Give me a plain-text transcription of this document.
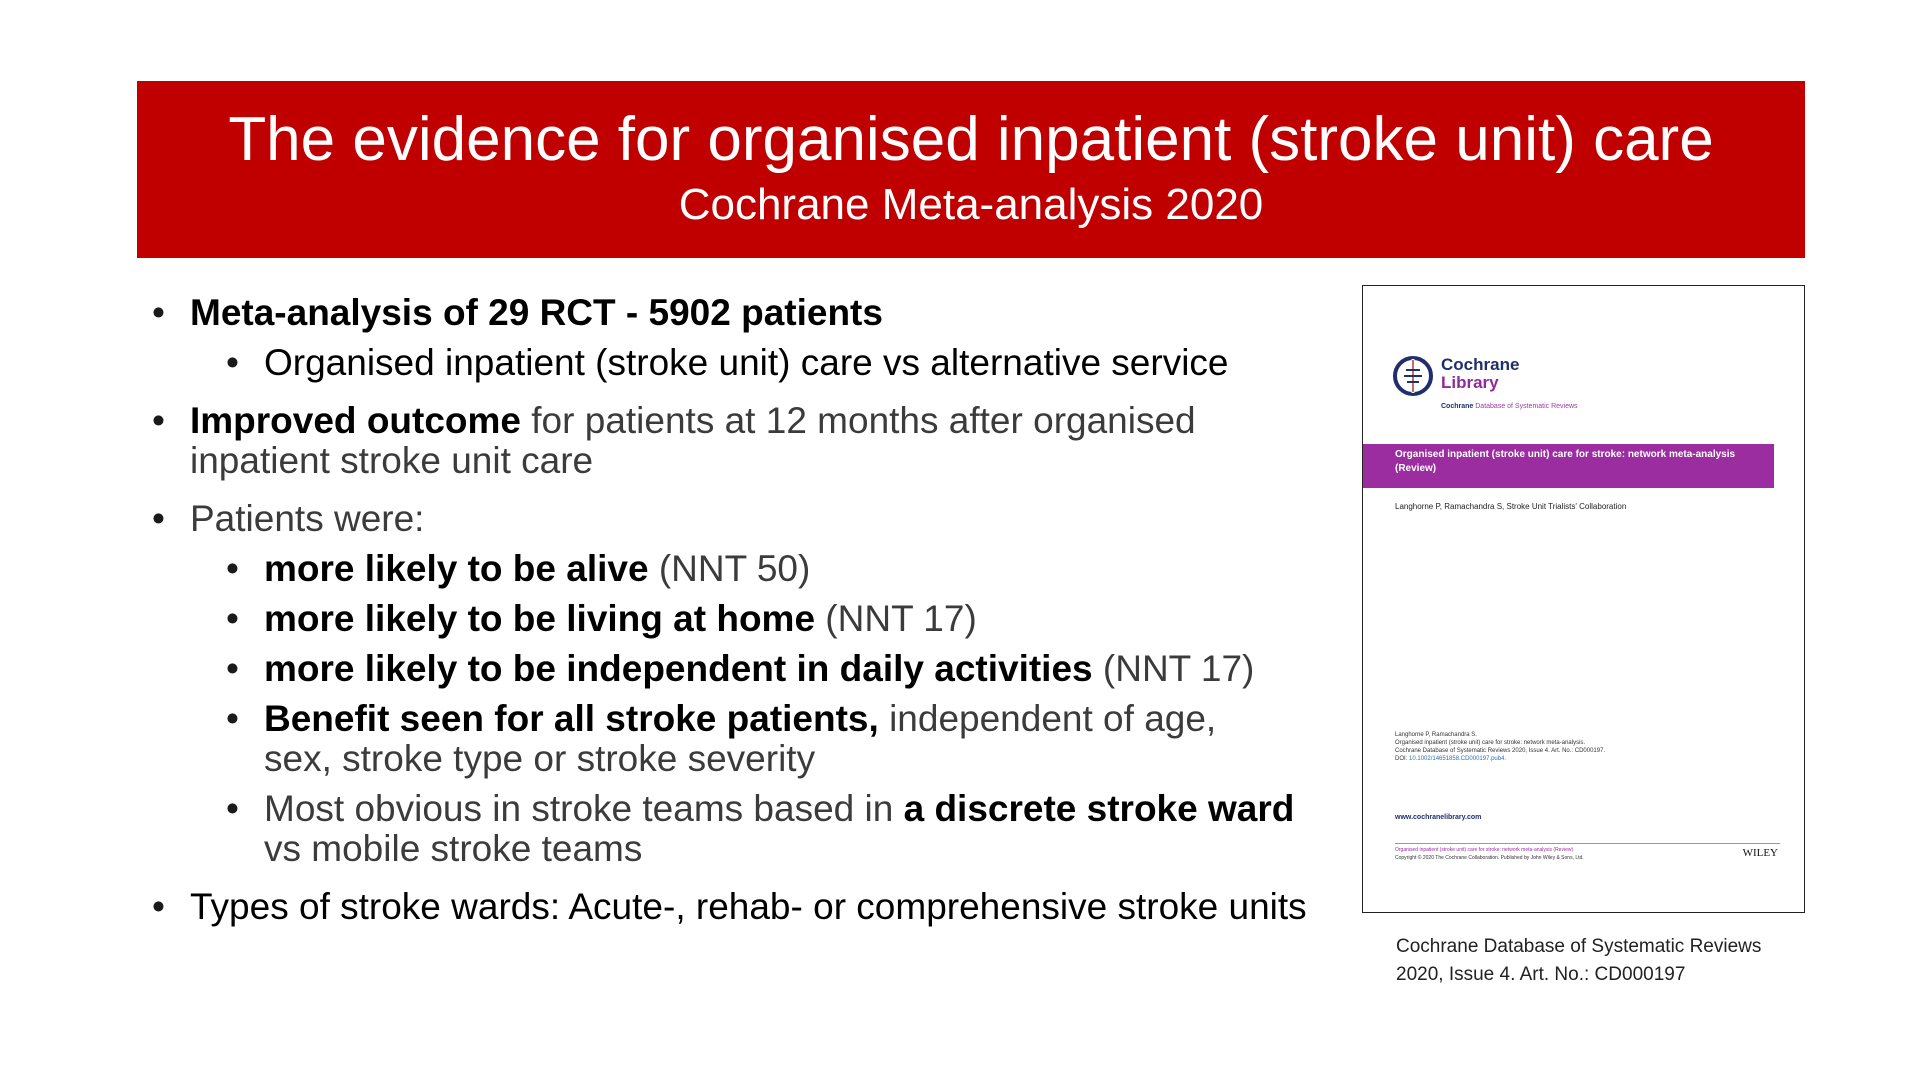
The evidence for organised inpatient (stroke unit) care
Cochrane Meta-analysis 2020
• Meta-analysis of 29 RCT - 5902 patients
• Organised inpatient (stroke unit) care vs alternative service
• Improved outcome for patients at 12 months after organised inpatient stroke unit care
• Patients were:
• more likely to be alive (NNT 50)
• more likely to be living at home (NNT 17)
• more likely to be independent in daily activities (NNT 17)
• Benefit seen for all stroke patients, independent of age, sex, stroke type or stroke severity
• Most obvious in stroke teams based in a discrete stroke ward vs mobile stroke teams
• Types of stroke wards: Acute-, rehab- or comprehensive stroke units
Cochrane
Library
Cochrane Database of Systematic Reviews
Organised inpatient (stroke unit) care for stroke: network meta-analysis (Review)
Langhorne P, Ramachandra S, Stroke Unit Trialists' Collaboration
Langhorne P, Ramachandra S.
Organised inpatient (stroke unit) care for stroke: network meta-analysis.
Cochrane Database of Systematic Reviews 2020, Issue 4. Art. No.: CD000197.
DOI: 10.1002/14651858.CD000197.pub4.
www.cochranelibrary.com
Organised inpatient (stroke unit) care for stroke: network meta-analysis (Review)
Copyright © 2020 The Cochrane Collaboration. Published by John Wiley & Sons, Ltd.	WILEY
Cochrane Database of Systematic Reviews
2020, Issue 4. Art. No.: CD000197
